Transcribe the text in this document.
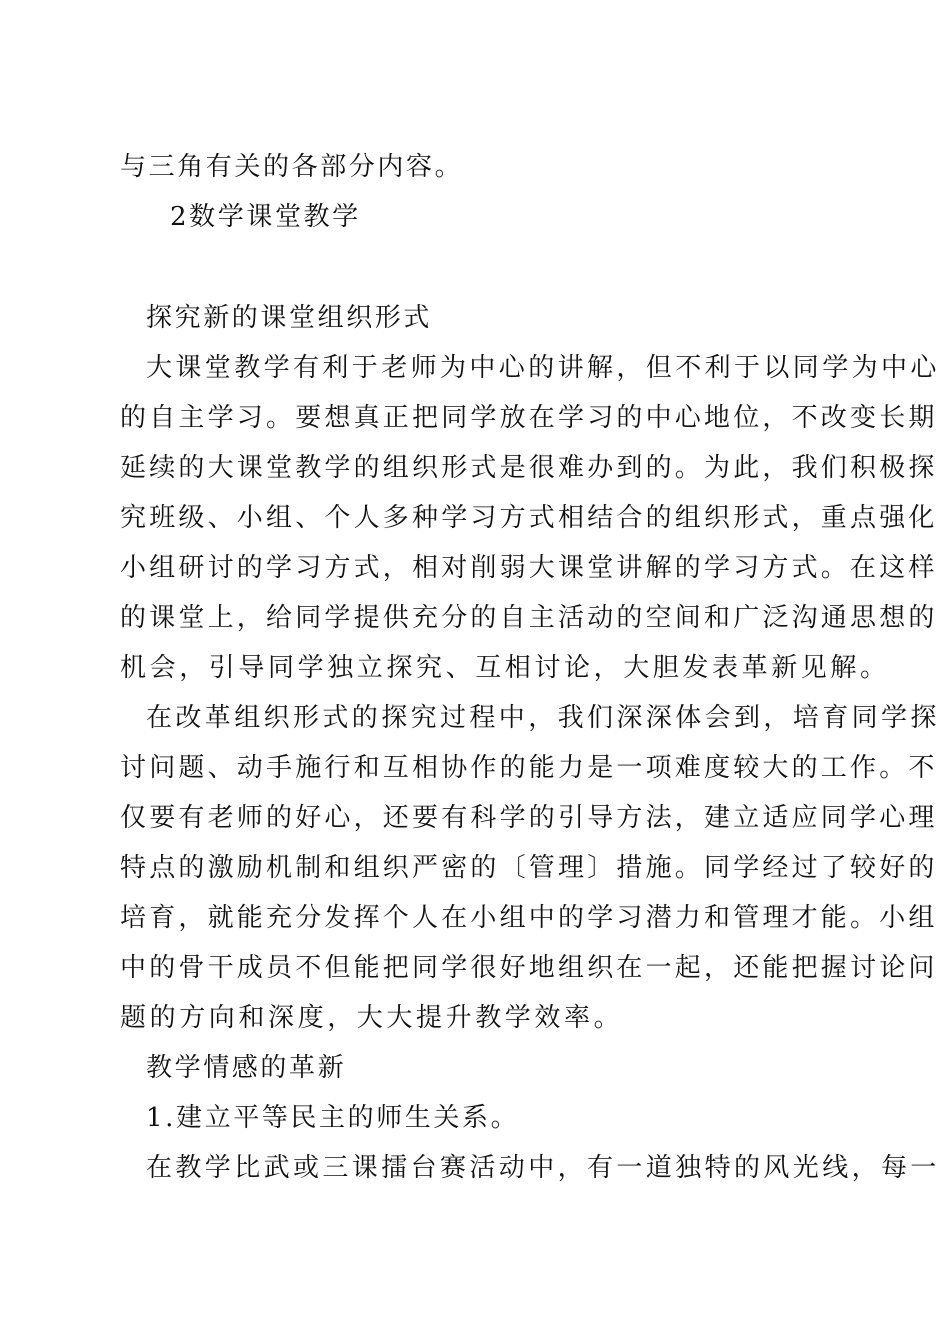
与三角有关的各部分内容。
2数学课堂教学
探究新的课堂组织形式
大课堂教学有利于老师为中心的讲解，但不利于以同学为中心
的自主学习。要想真正把同学放在学习的中心地位，不改变长期
延续的大课堂教学的组织形式是很难办到的。为此，我们积极探
究班级、小组、个人多种学习方式相结合的组织形式，重点强化
小组研讨的学习方式，相对削弱大课堂讲解的学习方式。在这样
的课堂上，给同学提供充分的自主活动的空间和广泛沟通思想的
机会，引导同学独立探究、互相讨论，大胆发表革新见解。
在改革组织形式的探究过程中，我们深深体会到，培育同学探
讨问题、动手施行和互相协作的能力是一项难度较大的工作。不
仅要有老师的好心，还要有科学的引导方法，建立适应同学心理
特点的激励机制和组织严密的〔管理〕措施。同学经过了较好的
培育，就能充分发挥个人在小组中的学习潜力和管理才能。小组
中的骨干成员不但能把同学很好地组织在一起，还能把握讨论问
题的方向和深度，大大提升教学效率。
教学情感的革新
1.建立平等民主的师生关系。
在教学比武或三课擂台赛活动中，有一道独特的风光线，每一
